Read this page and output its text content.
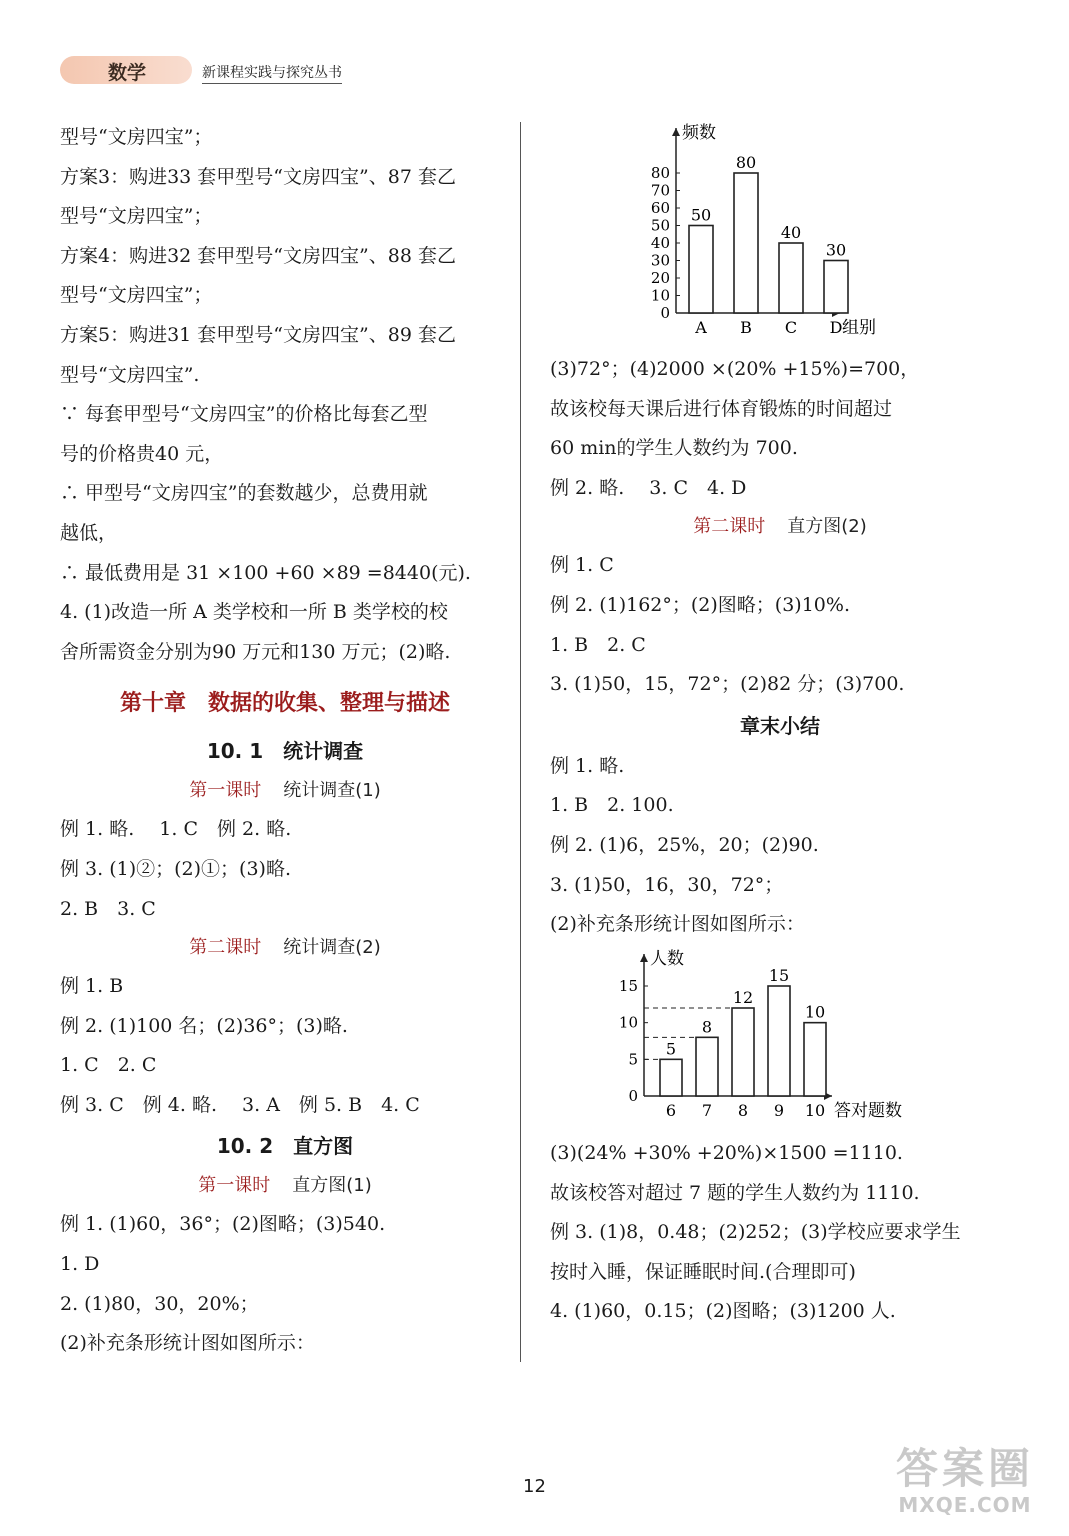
数学	新课程实践与探究丛书
型号“文房四宝”；
方案3：购进33 套甲型号“文房四宝”、87 套乙
型号“文房四宝”；
方案4：购进32 套甲型号“文房四宝”、88 套乙
型号“文房四宝”；
方案5：购进31 套甲型号“文房四宝”、89 套乙
型号“文房四宝”.
∵ 每套甲型号“文房四宝”的价格比每套乙型
号的价格贵40 元，
∴ 甲型号“文房四宝”的套数越少，总费用就
越低，
∴ 最低费用是 31 ×100 +60 ×89 =8440(元).
4. (1)改造一所 A 类学校和一所 B 类学校的校
舍所需资金分别为90 万元和130 万元；(2)略.
第十章　数据的收集、整理与描述
10. 1　统计调查
第一课时 统计调查(1)
例 1. 略.　 1. C　例 2. 略.
例 3. (1)②；(2)①；(3)略.
2. B　3. C
第二课时 统计调查(2)
例 1. B
例 2. (1)100 名；(2)36°；(3)略.
1. C　2. C
例 3. C　例 4. 略.　 3. A　例 5. B　4. C
10. 2　直方图
第一课时 直方图(1)
例 1. (1)60，36°；(2)图略；(3)540.
1. D
2. (1)80，30，20%；
(2)补充条形统计图如图所示：
频数
组别
0
10
20
30
40
50
60
70
80
50
A
80
B
40
C
30
D
(3)72°；(4)2000 ×(20% +15%)=700，
故该校每天课后进行体育锻炼的时间超过
60 min的学生人数约为 700.
例 2. 略.　 3. C　4. D
第二课时 直方图(2)
例 1. C
例 2. (1)162°；(2)图略；(3)10%.
1. B　2. C
3. (1)50，15，72°；(2)82 分；(3)700.
章末小结
例 1. 略.
1. B　2. 100.
例 2. (1)6，25%，20；(2)90.
3. (1)50，16，30，72°；
(2)补充条形统计图如图所示：
人数
答对题数
0
5
10
15
5
6
8
7
12
8
15
9
10
10
(3)(24% +30% +20%)×1500 =1110.
故该校答对超过 7 题的学生人数约为 1110.
例 3. (1)8，0.48；(2)252；(3)学校应要求学生
按时入睡，保证睡眠时间.(合理即可)
4. (1)60，0.15；(2)图略；(3)1200 人.
12	答案圈
MXQE.COM
